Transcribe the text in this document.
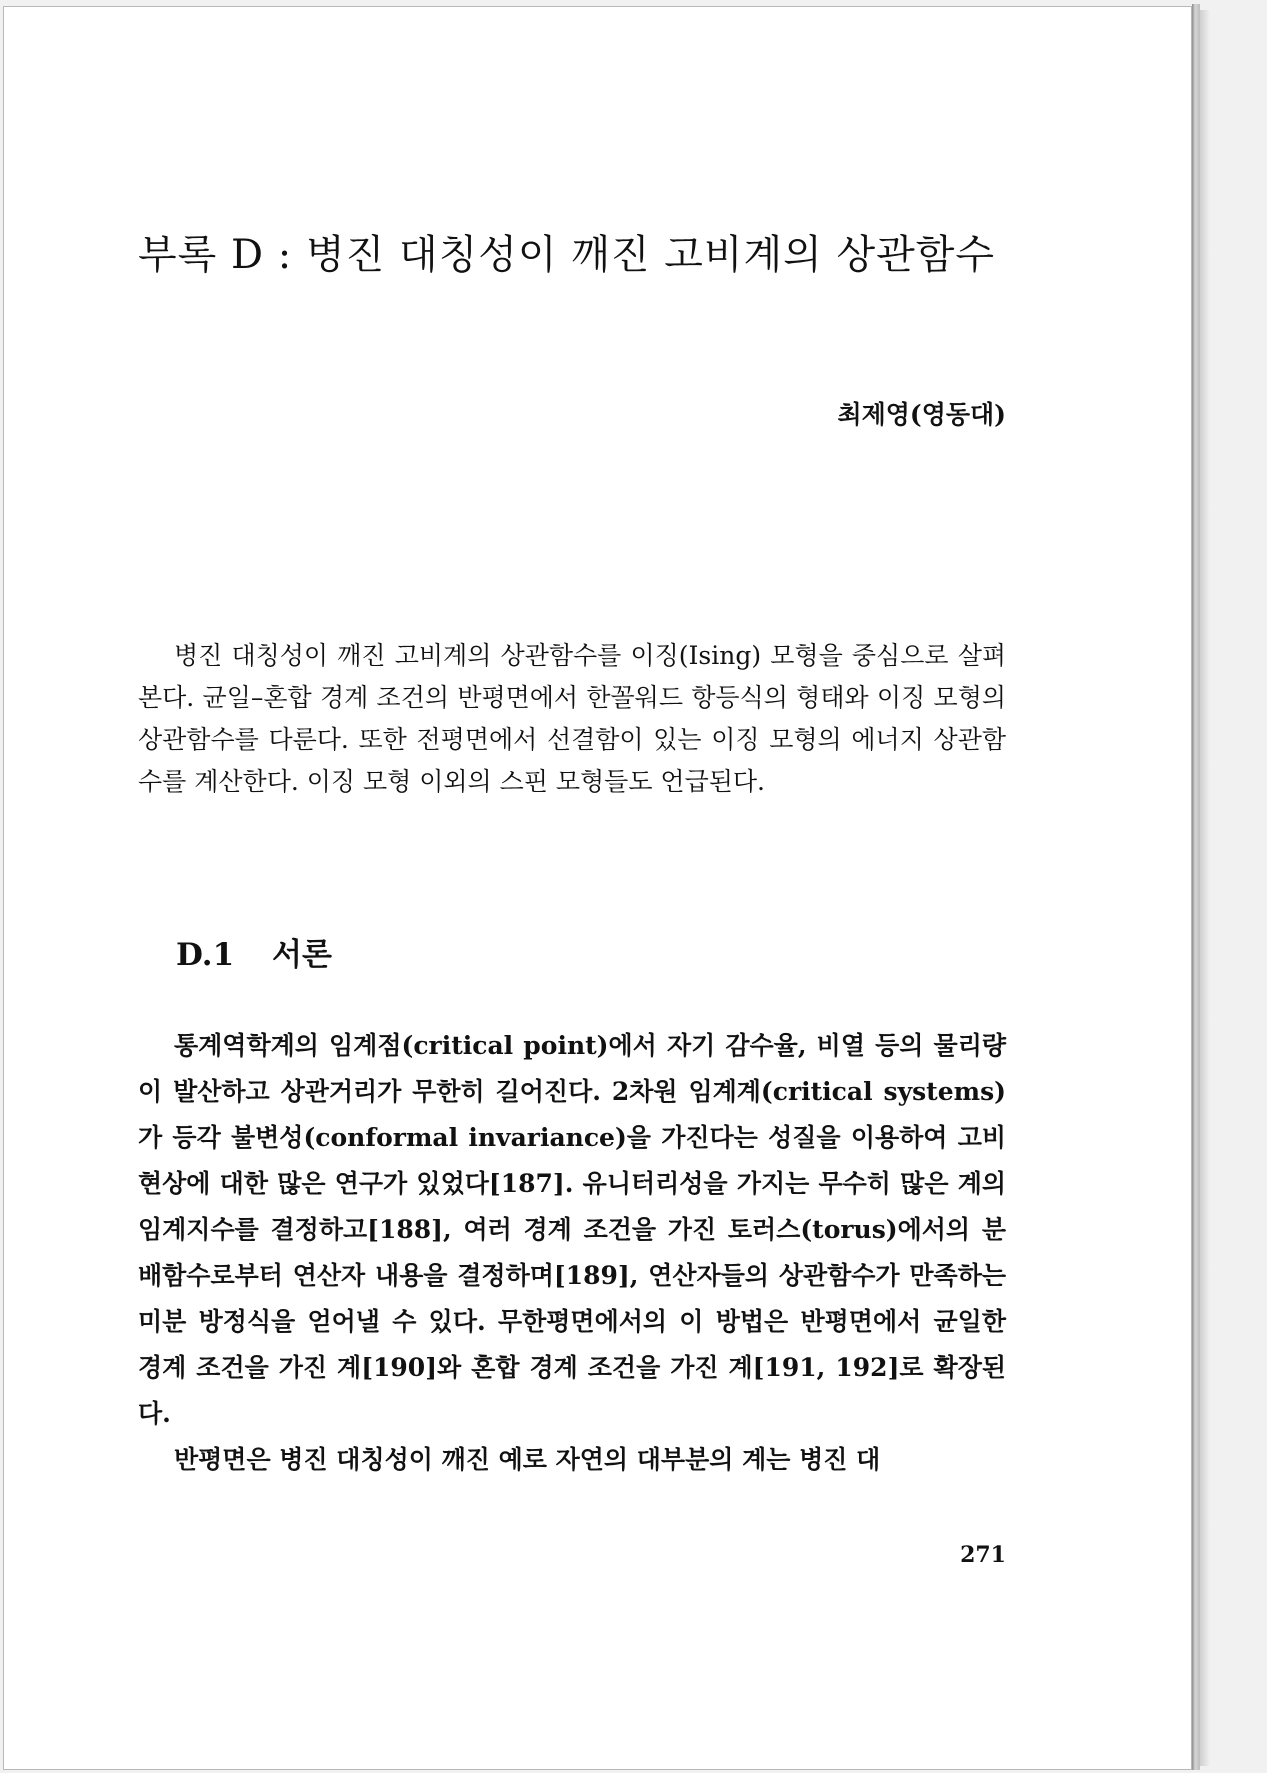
부록 D : 병진 대칭성이 깨진 고비계의 상관함수

최제영(영동대)

병진 대칭성이 깨진 고비계의 상관함수를 이징(Ising) 모형을 중심으로 살펴본다. 균일–혼합 경계 조건의 반평면에서 한꼴워드 항등식의 형태와 이징 모형의 상관함수를 다룬다. 또한 전평면에서 선결함이 있는 이징 모형의 에너지 상관함수를 계산한다. 이징 모형 이외의 스핀 모형들도 언급된다.

D.1 서론

통계역학계의 임계점(critical point)에서 자기 감수율, 비열 등의 물리량이 발산하고 상관거리가 무한히 길어진다. 2차원 임계계(critical systems)가 등각 불변성(conformal invariance)을 가진다는 성질을 이용하여 고비 현상에 대한 많은 연구가 있었다[187]. 유니터리성을 가지는 무수히 많은 계의 임계지수를 결정하고[188], 여러 경계 조건을 가진 토러스(torus)에서의 분배함수로부터 연산자 내용을 결정하며[189], 연산자들의 상관함수가 만족하는 미분 방정식을 얻어낼 수 있다. 무한평면에서의 이 방법은 반평면에서 균일한 경계 조건을 가진 계[190]와 혼합 경계 조건을 가진 계[191, 192]로 확장된다.

반평면은 병진 대칭성이 깨진 예로 자연의 대부분의 계는 병진 대

271
